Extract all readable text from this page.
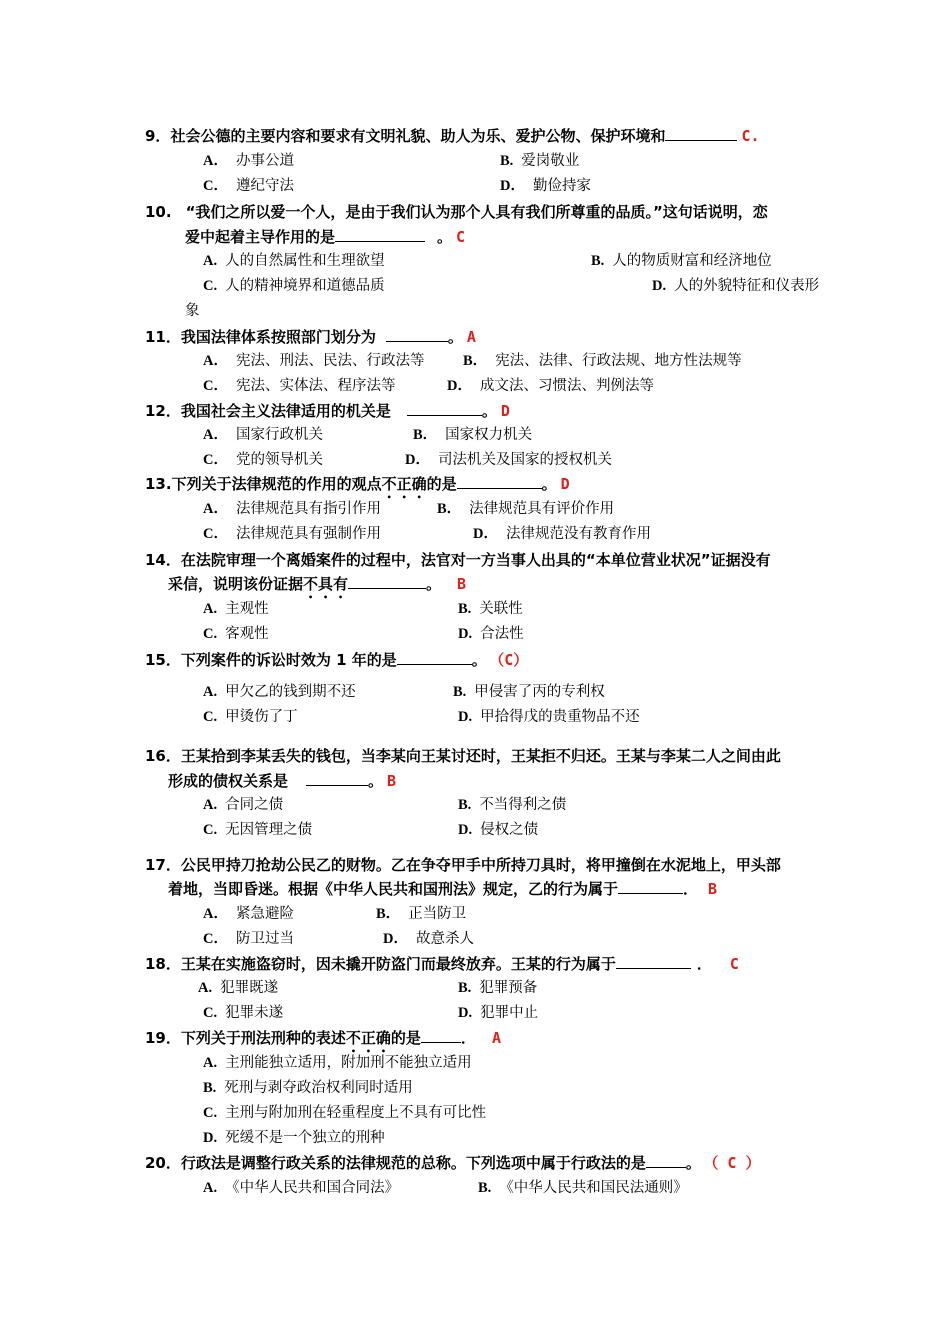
9．社会公德的主要内容和要求有文明礼貌、助人为乐、爱护公物、保护环境和	C.
A． 办事公道	B. 爱岗敬业
C． 遵纪守法	D． 勤俭持家
10. “我们之所以爱一个人，是由于我们认为那个人具有我们所尊重的品质。”这句话说明，恋
爱中起着主导作用的是	。 C
A. 人的自然属性和生理欲望	B. 人的物质财富和经济地位
C. 人的精神境界和道德品质	D. 人的外貌特征和仪表形
象
11．我国法律体系按照部门划分为	。 A
A． 宪法、刑法、民法、行政法等	B． 宪法、法律、行政法规、地方性法规等
C． 宪法、实体法、程序法等	D． 成文法、习惯法、判例法等
12．我国社会主义法律适用的机关是	。 D
A． 国家行政机关	B． 国家权力机关
C． 党的领导机关	D． 司法机关及国家的授权机关
13.下列关于法律规范的作用的观点不正确的是	。 D
A． 法律规范具有指引作用	B． 法律规范具有评价作用
C． 法律规范具有强制作用	D． 法律规范没有教育作用
14．在法院审理一个离婚案件的过程中，法官对一方当事人出具的“本单位营业状况”证据没有
采信，说明该份证据不具有	。 B
A. 主观性	B. 关联性
C. 客观性	D. 合法性
15．下列案件的诉讼时效为 1 年的是	。 （C）
A. 甲欠乙的钱到期不还	B. 甲侵害了丙的专利权
C. 甲烫伤了丁	D. 甲拾得戊的贵重物品不还
16．王某拾到李某丢失的钱包，当李某向王某讨还时，王某拒不归还。王某与李某二人之间由此
形成的债权关系是	。 B
A. 合同之债	B. 不当得利之债
C. 无因管理之债	D. 侵权之债
17．公民甲持刀抢劫公民乙的财物。乙在争夺甲手中所持刀具时，将甲撞倒在水泥地上，甲头部
着地，当即昏迷。根据《中华人民共和国刑法》规定，乙的行为属于	． B
A． 紧急避险	B． 正当防卫
C． 防卫过当	D． 故意杀人
18．王某在实施盗窃时，因未撬开防盗门而最终放弃。王某的行为属于	． C
A. 犯罪既遂	B. 犯罪预备
C. 犯罪未遂	D. 犯罪中止
19．下列关于刑法刑种的表述不正确的是	． A
A. 主刑能独立适用，附加刑不能独立适用
B. 死刑与剥夺政治权利同时适用
C. 主刑与附加刑在轻重程度上不具有可比性
D. 死缓不是一个独立的刑种
20．行政法是调整行政关系的法律规范的总称。下列选项中属于行政法的是	。 （ C ）
A. 《中华人民共和国合同法》	B. 《中华人民共和国民法通则》
